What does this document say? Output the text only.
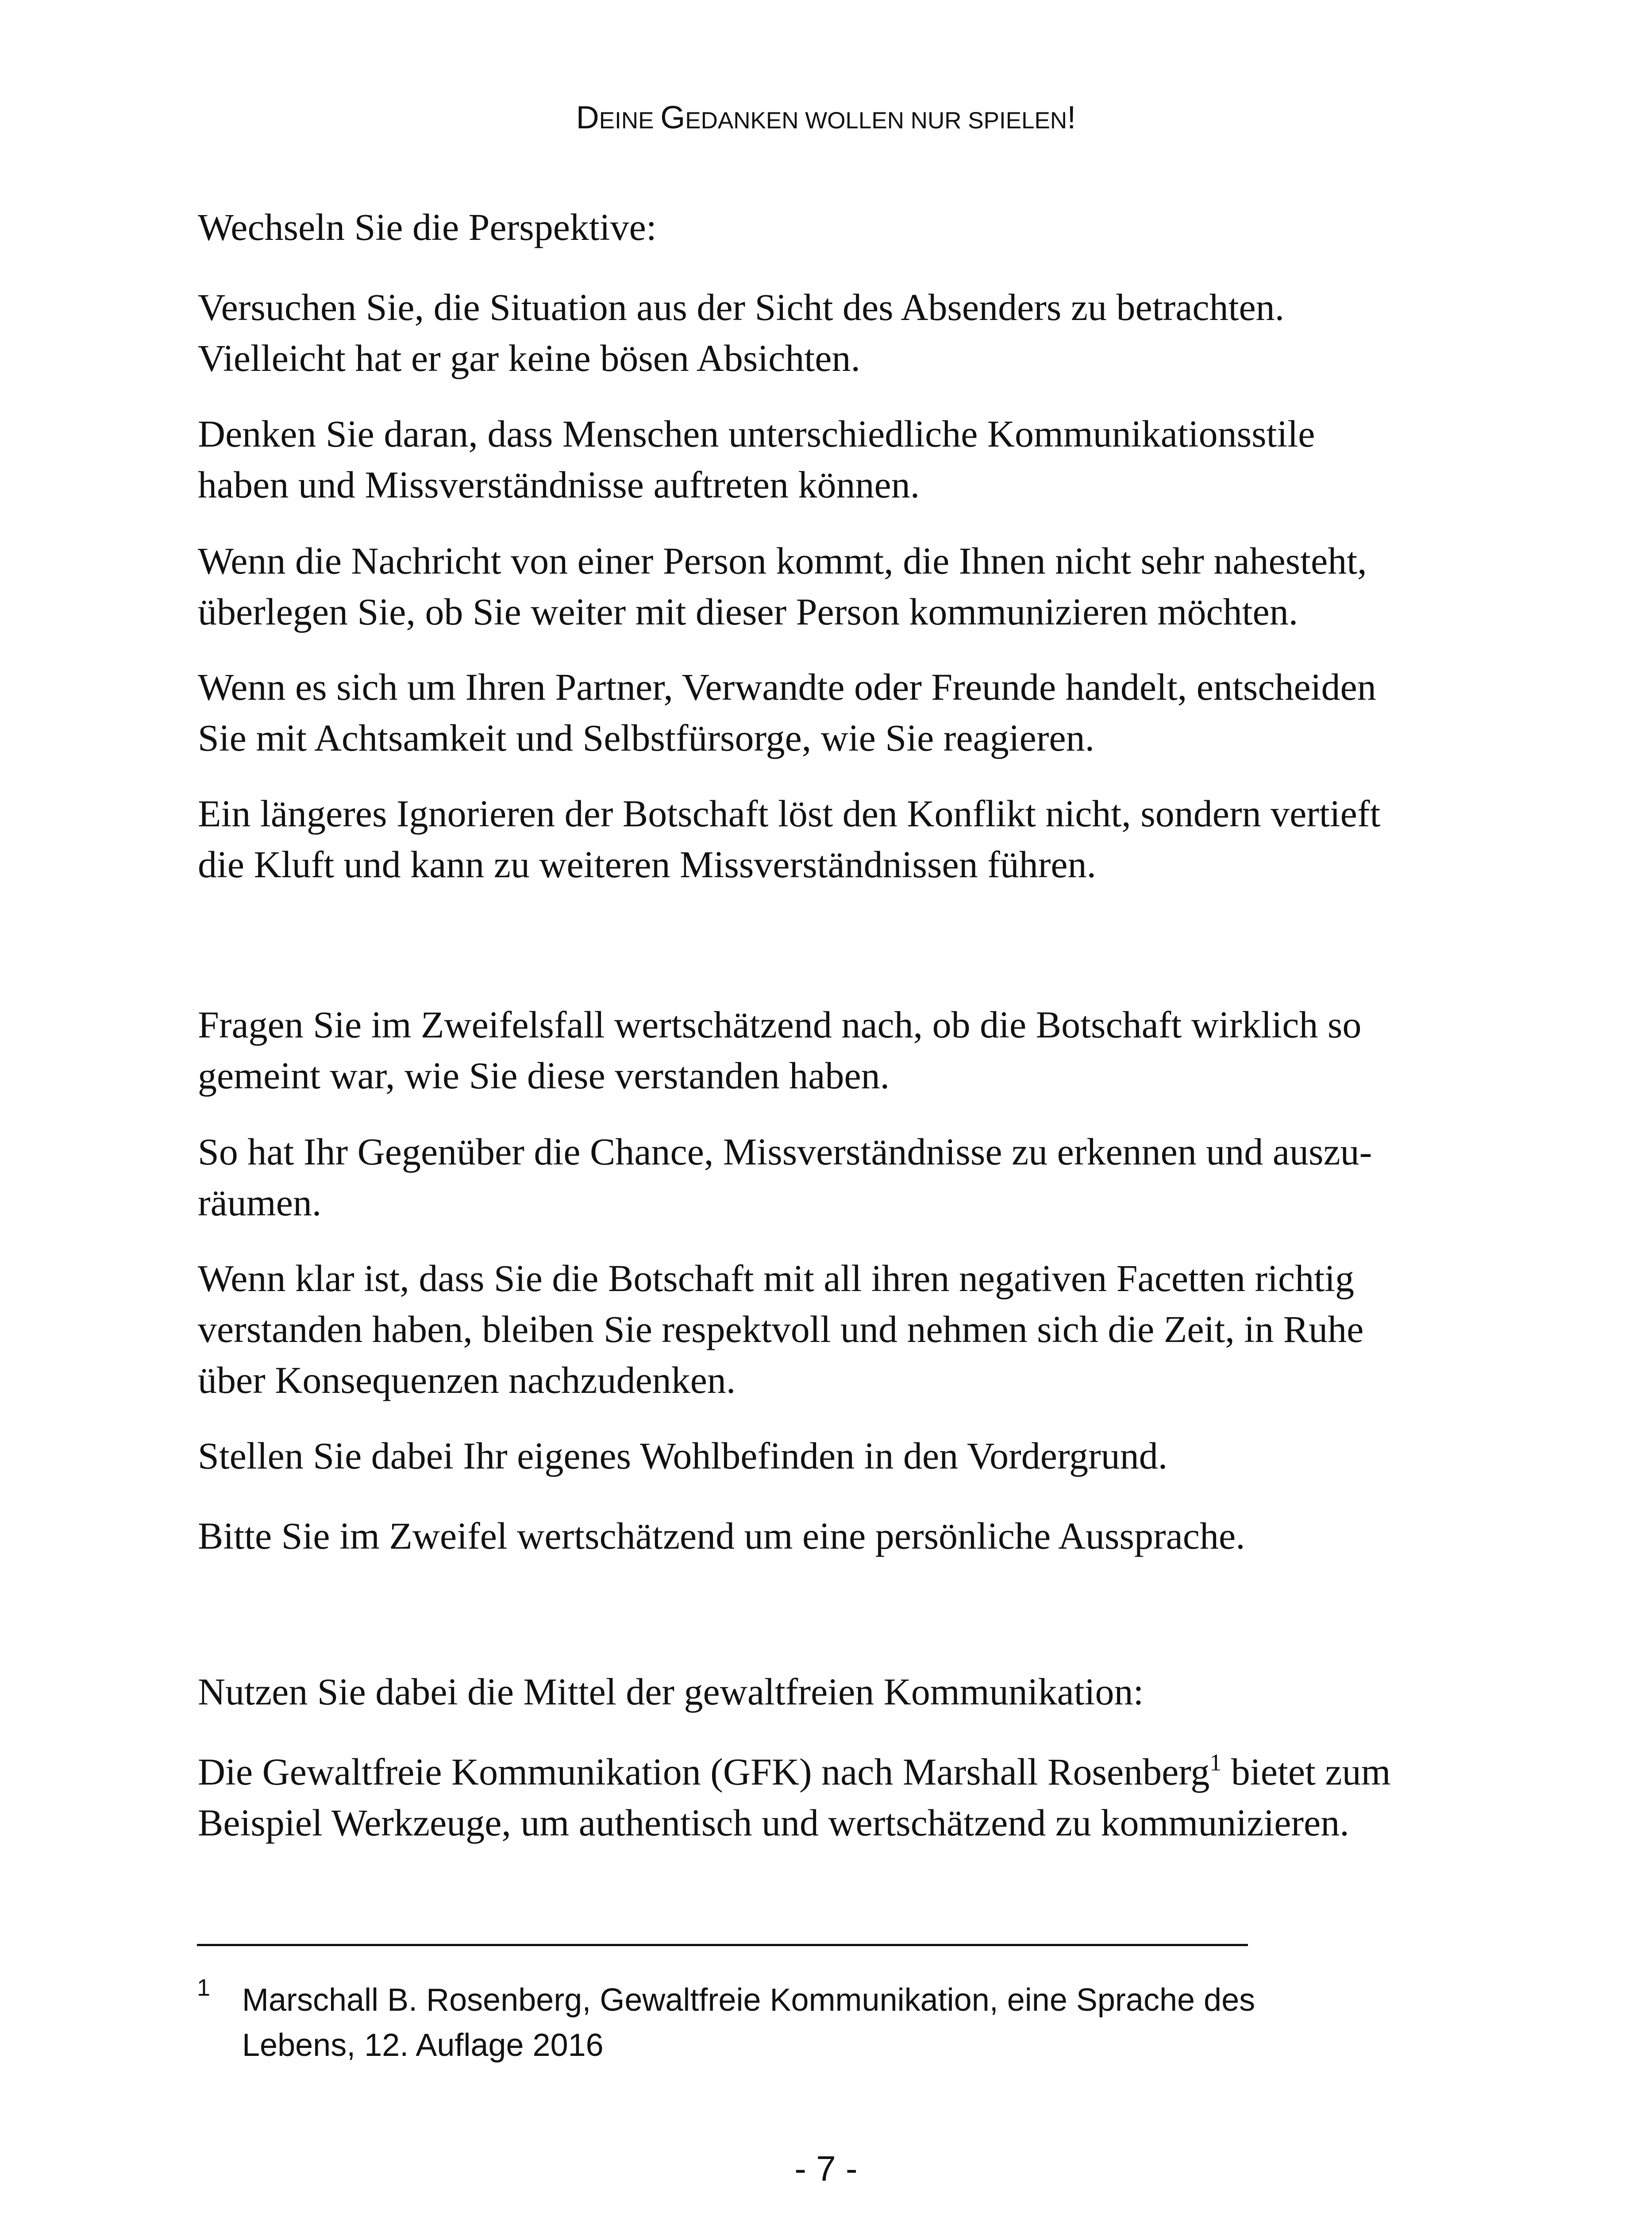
DEINE GEDANKEN WOLLEN NUR SPIELEN!

Wechseln Sie die Perspektive:

Versuchen Sie, die Situation aus der Sicht des Absenders zu betrachten.
Vielleicht hat er gar keine bösen Absichten.

Denken Sie daran, dass Menschen unterschiedliche Kommunikationsstile
haben und Missverständnisse auftreten können.

Wenn die Nachricht von einer Person kommt, die Ihnen nicht sehr nahesteht,
überlegen Sie, ob Sie weiter mit dieser Person kommunizieren möchten.

Wenn es sich um Ihren Partner, Verwandte oder Freunde handelt, entscheiden
Sie mit Achtsamkeit und Selbstfürsorge, wie Sie reagieren.

Ein längeres Ignorieren der Botschaft löst den Konflikt nicht, sondern vertieft
die Kluft und kann zu weiteren Missverständnissen führen.

Fragen Sie im Zweifelsfall wertschätzend nach, ob die Botschaft wirklich so
gemeint war, wie Sie diese verstanden haben.

So hat Ihr Gegenüber die Chance, Missverständnisse zu erkennen und auszu-
räumen.

Wenn klar ist, dass Sie die Botschaft mit all ihren negativen Facetten richtig
verstanden haben, bleiben Sie respektvoll und nehmen sich die Zeit, in Ruhe
über Konsequenzen nachzudenken.

Stellen Sie dabei Ihr eigenes Wohlbefinden in den Vordergrund.

Bitte Sie im Zweifel wertschätzend um eine persönliche Aussprache.

Nutzen Sie dabei die Mittel der gewaltfreien Kommunikation:

Die Gewaltfreie Kommunikation (GFK) nach Marshall Rosenberg$^1$ bietet zum
Beispiel Werkzeuge, um authentisch und wertschätzend zu kommunizieren.

1 Marschall B. Rosenberg, Gewaltfreie Kommunikation, eine Sprache des
Lebens, 12. Auflage 2016
- 7 -
